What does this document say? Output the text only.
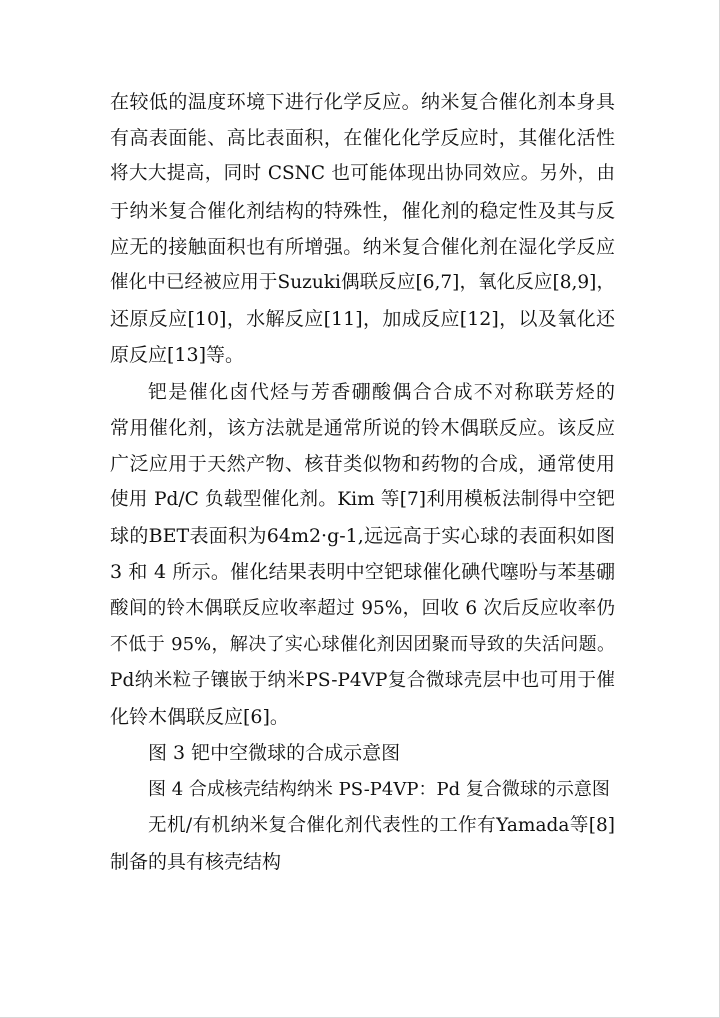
在较低的温度环境下进行化学反应。纳米复合催化剂本身具
有高表面能、高比表面积，在催化化学反应时，其催化活性
将大大提高，同时 CSNC 也可能体现出协同效应。另外，由
于纳米复合催化剂结构的特殊性，催化剂的稳定性及其与反
应无的接触面积也有所增强。纳米复合催化剂在湿化学反应
催化中已经被应用于Suzuki偶联反应[6,7]，氧化反应[8,9]，
还原反应[10]，水解反应[11]，加成反应[12]，以及氧化还
原反应[13]等。
钯是催化卤代烃与芳香硼酸偶合合成不对称联芳烃的
常用催化剂，该方法就是通常所说的铃木偶联反应。该反应
广泛应用于天然产物、核苷类似物和药物的合成，通常使用
使用 Pd/C 负载型催化剂。Kim 等[7]利用模板法制得中空钯
球的BET表面积为64m2·g-1,远远高于实心球的表面积如图
3 和 4 所示。催化结果表明中空钯球催化碘代噻吩与苯基硼
酸间的铃木偶联反应收率超过 95%，回收 6 次后反应收率仍
不低于 95%，解决了实心球催化剂因团聚而导致的失活问题。
Pd纳米粒子镶嵌于纳米PS-P4VP复合微球壳层中也可用于催
化铃木偶联反应[6]。
图 3 钯中空微球的合成示意图
图 4 合成核壳结构纳米 PS-P4VP：Pd 复合微球的示意图
无机/有机纳米复合催化剂代表性的工作有Yamada等[8]
制备的具有核壳结构
